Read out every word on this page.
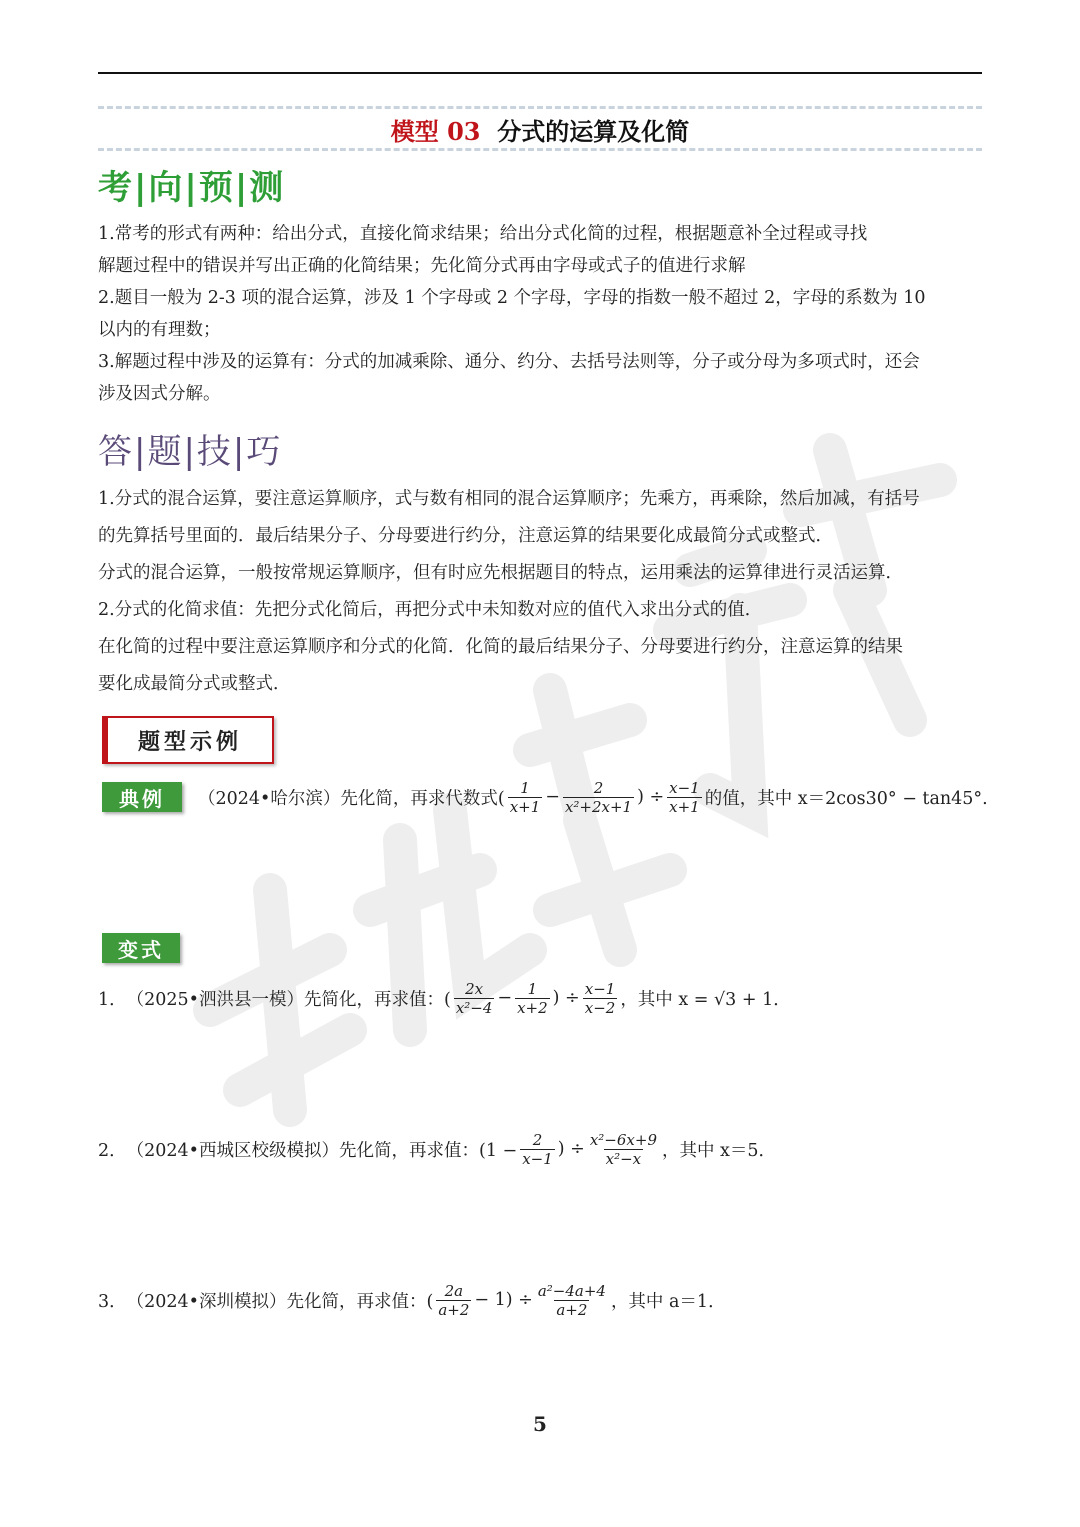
模型 03 分式的运算及化简
考|向|预|测
1.常考的形式有两种：给出分式，直接化简求结果；给出分式化简的过程，根据题意补全过程或寻找
解题过程中的错误并写出正确的化简结果；先化简分式再由字母或式子的值进行求解
2.题目一般为 2-3 项的混合运算，涉及 1 个字母或 2 个字母，字母的指数一般不超过 2，字母的系数为 10
以内的有理数；
3.解题过程中涉及的运算有：分式的加减乘除、通分、约分、去括号法则等，分子或分母为多项式时，还会
涉及因式分解。
答|题|技|巧
1.分式的混合运算，要注意运算顺序，式与数有相同的混合运算顺序；先乘方，再乘除，然后加减，有括号
的先算括号里面的．最后结果分子、分母要进行约分，注意运算的结果要化成最简分式或整式．
分式的混合运算，一般按常规运算顺序，但有时应先根据题目的特点，运用乘法的运算律进行灵活运算．
2.分式的化简求值：先把分式化简后，再把分式中未知数对应的值代入求出分式的值．
在化简的过程中要注意运算顺序和分式的化简．化简的最后结果分子、分母要进行约分，注意运算的结果
要化成最简分式或整式．
题型示例
典例	（2024•哈尔滨）先化简，再求代数式( $\frac{1}{x+1} - \frac{2}{\text{x²+2x+1}}$ ) ÷ $\frac{x-1}{x+1}$ 的值，其中 x＝2cos30° − tan45°.
变式
1． （2025•泗洪县一模）先简化，再求值：( $\frac{2x}{\text{x²−4}} - \frac{1}{x+2}$ ) ÷ $\frac{x-1}{x-2}$ ，其中 x = √3 + 1．
2． （2024•西城区校级模拟）先化简，再求值：($1 - \frac{2}{x-1}$ ) ÷ $\frac{\text{x²−6x+9}}{\text{x²−x}}$ ，其中 x＝5．
3． （2024•深圳模拟）先化简，再求值：( $\frac{2a}{a+2} - 1) \div \frac{\text{a²−4a+4}}{a+2}$ ，其中 a＝1．
5
